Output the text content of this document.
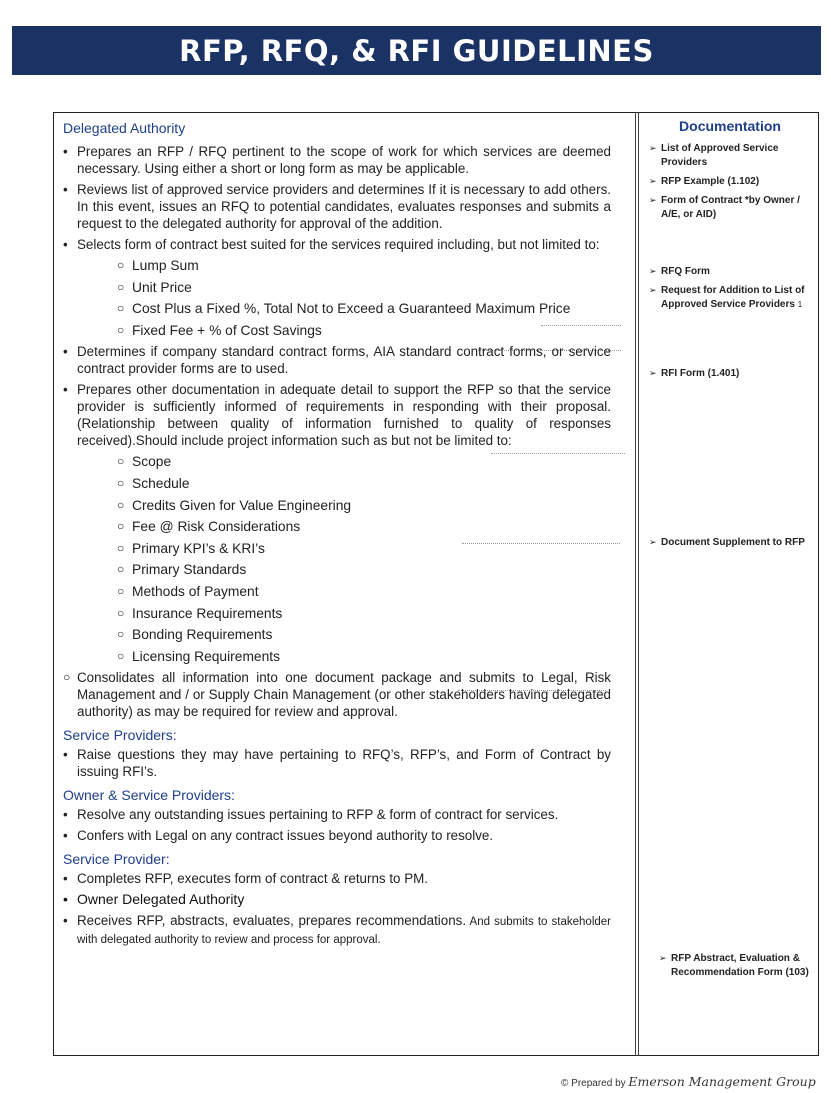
RFP, RFQ, & RFI GUIDELINES
Delegated Authority
• Prepares an RFP / RFQ pertinent to the scope of work for which services are deemed necessary. Using either a short or long form as may be applicable.
• Reviews list of approved service providers and determines If it is necessary to add others. In this event, issues an RFQ to potential candidates, evaluates responses and submits a request to the delegated authority for approval of the addition.
• Selects form of contract best suited for the services required including, but not limited to:
○ Lump Sum
○ Unit Price
○ Cost Plus a Fixed %, Total Not to Exceed a Guaranteed Maximum Price
○ Fixed Fee + % of Cost Savings
• Determines if company standard contract forms, AIA standard contract forms, or service contract provider forms are to used.
• Prepares other documentation in adequate detail to support the RFP so that the service provider is sufficiently informed of requirements in responding with their proposal. (Relationship between quality of information furnished to quality of responses received).Should include project information such as but not be limited to:
○ Scope
○ Schedule
○ Credits Given for Value Engineering
○ Fee @ Risk Considerations
○ Primary KPI’s & KRI’s
○ Primary Standards
○ Methods of Payment
○ Insurance Requirements
○ Bonding Requirements
○ Licensing Requirements
○ Consolidates all information into one document package and submits to Legal, Risk Management and / or Supply Chain Management (or other stakeholders having delegated authority) as may be required for review and approval.
Service Providers:
• Raise questions they may have pertaining to RFQ’s, RFP’s, and Form of Contract by issuing RFI’s.
Owner & Service Providers:
• Resolve any outstanding issues pertaining to RFP & form of contract for services.
• Confers with Legal on any contract issues beyond authority to resolve.
Service Provider:
• Completes RFP, executes form of contract & returns to PM.
• Owner Delegated Authority
• Receives RFP, abstracts, evaluates, prepares recommendations. And submits to stakeholder with delegated authority to review and process for approval.
Documentation
➢ List of Approved Service Providers
➢ RFP Example (1.102)
➢ Form of Contract *by Owner / A/E, or AID)
➢ RFQ Form
➢ Request for Addition to List of Approved Service Providers 1
➢ RFI Form (1.401)
➢ Document Supplement to RFP
➢ RFP Abstract, Evaluation & Recommendation Form (103)
© Prepared by Emerson Management Group
